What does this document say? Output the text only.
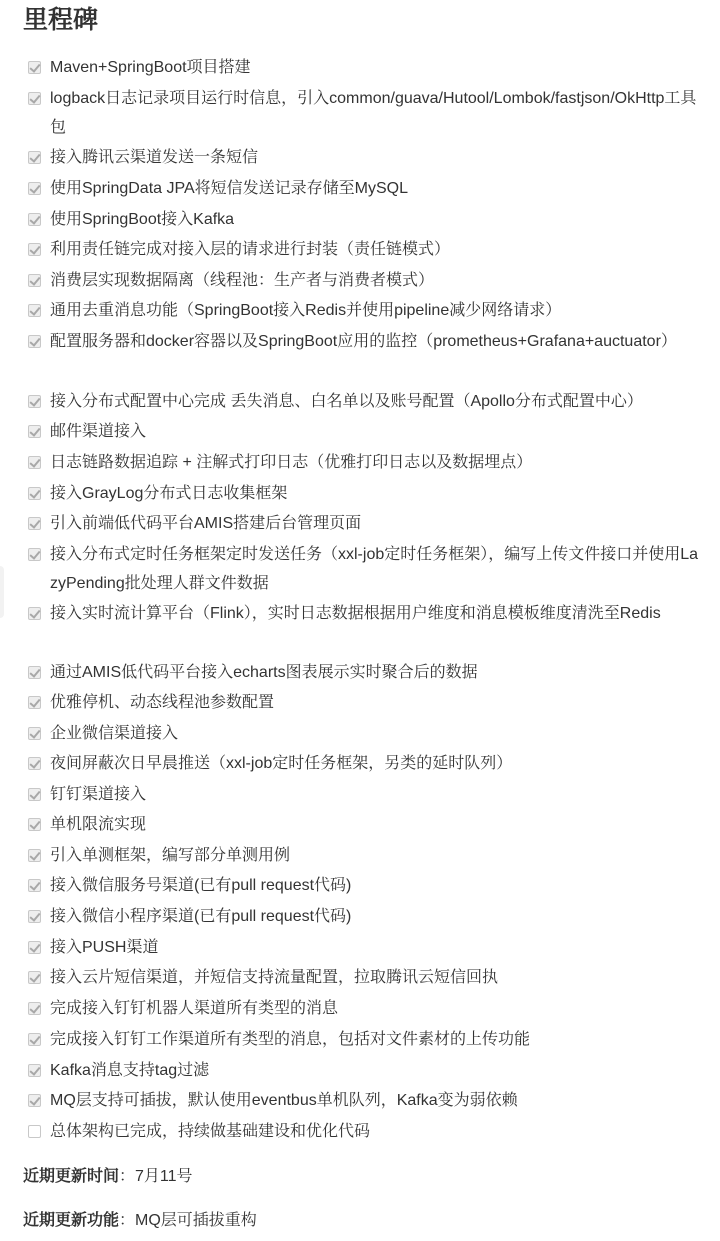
里程碑
Maven+SpringBoot项目搭建
logback日志记录项目运行时信息，引入common/guava/Hutool/Lombok/fastjson/OkHttp工具包
接入腾讯云渠道发送一条短信
使用SpringData JPA将短信发送记录存储至MySQL
使用SpringBoot接入Kafka
利用责任链完成对接入层的请求进行封装（责任链模式）
消费层实现数据隔离（线程池：生产者与消费者模式）
通用去重消息功能（SpringBoot接入Redis并使用pipeline减少网络请求）
配置服务器和docker容器以及SpringBoot应用的监控（prometheus+Grafana+auctuator）
接入分布式配置中心完成 丢失消息、白名单以及账号配置（Apollo分布式配置中心）
邮件渠道接入
日志链路数据追踪 + 注解式打印日志（优雅打印日志以及数据埋点）
接入GrayLog分布式日志收集框架
引入前端低代码平台AMIS搭建后台管理页面
接入分布式定时任务框架定时发送任务（xxl-job定时任务框架），编写上传文件接口并使用LazyPending批处理人群文件数据
接入实时流计算平台（Flink），实时日志数据根据用户维度和消息模板维度清洗至Redis
通过AMIS低代码平台接入echarts图表展示实时聚合后的数据
优雅停机、动态线程池参数配置
企业微信渠道接入
夜间屏蔽次日早晨推送（xxl-job定时任务框架，另类的延时队列）
钉钉渠道接入
单机限流实现
引入单测框架，编写部分单测用例
接入微信服务号渠道(已有pull request代码)
接入微信小程序渠道(已有pull request代码)
接入PUSH渠道
接入云片短信渠道，并短信支持流量配置，拉取腾讯云短信回执
完成接入钉钉机器人渠道所有类型的消息
完成接入钉钉工作渠道所有类型的消息，包括对文件素材的上传功能
Kafka消息支持tag过滤
MQ层支持可插拔，默认使用eventbus单机队列，Kafka变为弱依赖
总体架构已完成，持续做基础建设和优化代码
近期更新时间：7月11号
近期更新功能：MQ层可插拔重构
